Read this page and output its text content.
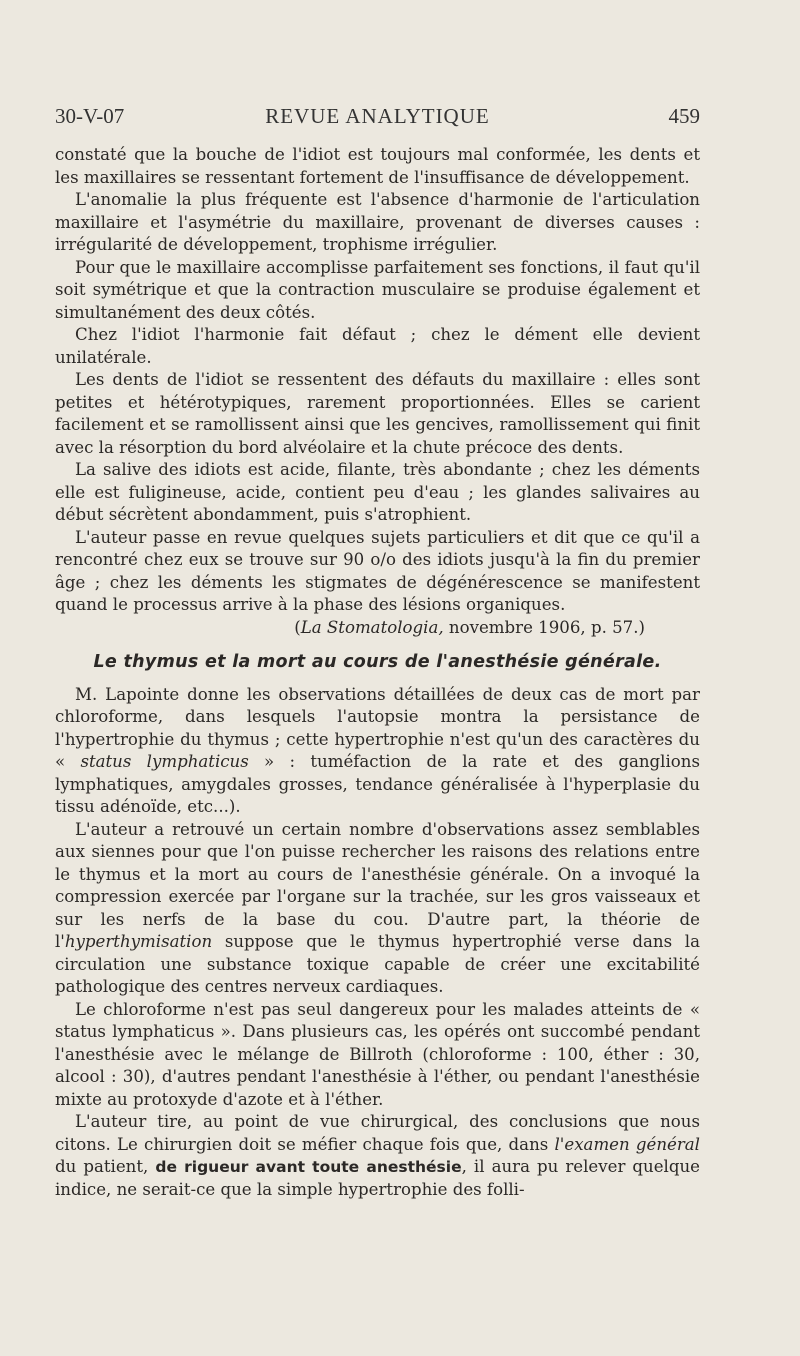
30-V-07	REVUE ANALYTIQUE	459

constaté que la bouche de l'idiot est toujours mal conformée, les dents et les maxillaires se ressentant fortement de l'insuffisance de développement.

L'anomalie la plus fréquente est l'absence d'harmonie de l'articulation maxillaire et l'asymétrie du maxillaire, provenant de diverses causes : irrégularité de développement, trophisme irrégulier.

Pour que le maxillaire accomplisse parfaitement ses fonctions, il faut qu'il soit symétrique et que la contraction musculaire se produise également et simultanément des deux côtés.

Chez l'idiot l'harmonie fait défaut ; chez le dément elle devient unilatérale.

Les dents de l'idiot se ressentent des défauts du maxillaire : elles sont petites et hétérotypiques, rarement proportionnées. Elles se carient facilement et se ramollissent ainsi que les gencives, ramollissement qui finit avec la résorption du bord alvéolaire et la chute précoce des dents.

La salive des idiots est acide, filante, très abondante ; chez les déments elle est fuligineuse, acide, contient peu d'eau ; les glandes salivaires au début sécrètent abondamment, puis s'atrophient.

L'auteur passe en revue quelques sujets particuliers et dit que ce qu'il a rencontré chez eux se trouve sur 90 o/o des idiots jusqu'à la fin du premier âge ; chez les déments les stigmates de dégénérescence se manifestent quand le processus arrive à la phase des lésions organiques.

(La Stomatologia, novembre 1906, p. 57.)

Le thymus et la mort au cours de l'anesthésie générale.

M. Lapointe donne les observations détaillées de deux cas de mort par chloroforme, dans lesquels l'autopsie montra la persistance de l'hypertrophie du thymus ; cette hypertrophie n'est qu'un des caractères du « status lymphaticus » : tuméfaction de la rate et des ganglions lymphatiques, amygdales grosses, tendance généralisée à l'hyperplasie du tissu adénoïde, etc...).

L'auteur a retrouvé un certain nombre d'observations assez semblables aux siennes pour que l'on puisse rechercher les raisons des relations entre le thymus et la mort au cours de l'anesthésie générale. On a invoqué la compression exercée par l'organe sur la trachée, sur les gros vaisseaux et sur les nerfs de la base du cou. D'autre part, la théorie de l'hyperthymisation suppose que le thymus hypertrophié verse dans la circulation une substance toxique capable de créer une excitabilité pathologique des centres nerveux cardiaques.

Le chloroforme n'est pas seul dangereux pour les malades atteints de « status lymphaticus ». Dans plusieurs cas, les opérés ont succombé pendant l'anesthésie avec le mélange de Billroth (chloroforme : 100, éther : 30, alcool : 30), d'autres pendant l'anesthésie à l'éther, ou pendant l'anesthésie mixte au protoxyde d'azote et à l'éther.

L'auteur tire, au point de vue chirurgical, des conclusions que nous citons. Le chirurgien doit se méfier chaque fois que, dans l'examen général du patient, de rigueur avant toute anesthésie, il aura pu relever quelque indice, ne serait-ce que la simple hypertrophie des folli-
